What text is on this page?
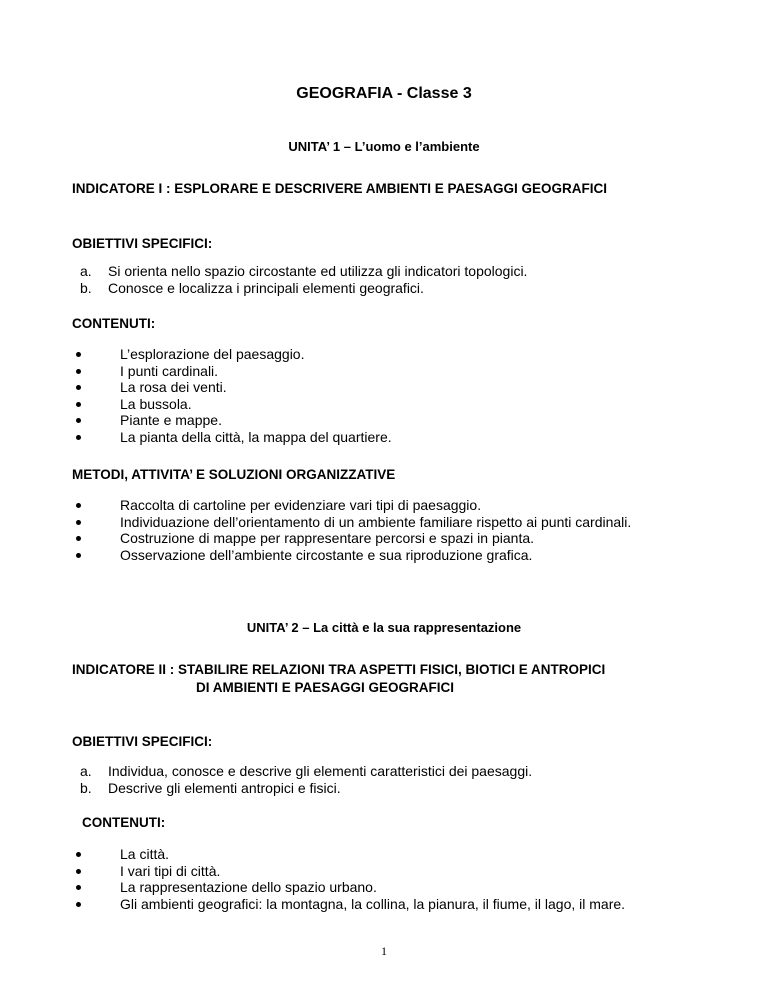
GEOGRAFIA - Classe 3
UNITA’ 1 – L’uomo e l’ambiente
INDICATORE I : ESPLORARE E DESCRIVERE AMBIENTI E PAESAGGI GEOGRAFICI
OBIETTIVI SPECIFICI:
a. Si orienta nello spazio circostante ed utilizza gli indicatori topologici.
b. Conosce e localizza i principali elementi geografici.
CONTENUTI:
L’esplorazione del paesaggio.
I punti cardinali.
La rosa dei venti.
La bussola.
Piante e mappe.
La pianta della città, la mappa del quartiere.
METODI, ATTIVITA’ E SOLUZIONI ORGANIZZATIVE
Raccolta di cartoline per evidenziare vari tipi di paesaggio.
Individuazione dell’orientamento di un ambiente familiare rispetto ai punti cardinali.
Costruzione di mappe per rappresentare percorsi e spazi in pianta.
Osservazione dell’ambiente circostante e sua riproduzione grafica.
UNITA’ 2 – La città e la sua rappresentazione
INDICATORE II : STABILIRE RELAZIONI TRA ASPETTI FISICI, BIOTICI E ANTROPICI
DI AMBIENTI E PAESAGGI GEOGRAFICI
OBIETTIVI SPECIFICI:
a. Individua, conosce e descrive gli elementi caratteristici dei paesaggi.
b. Descrive gli elementi antropici e fisici.
CONTENUTI:
La città.
I vari tipi di città.
La rappresentazione dello spazio urbano.
Gli ambienti geografici: la montagna, la collina, la pianura, il fiume, il lago, il mare.
1
